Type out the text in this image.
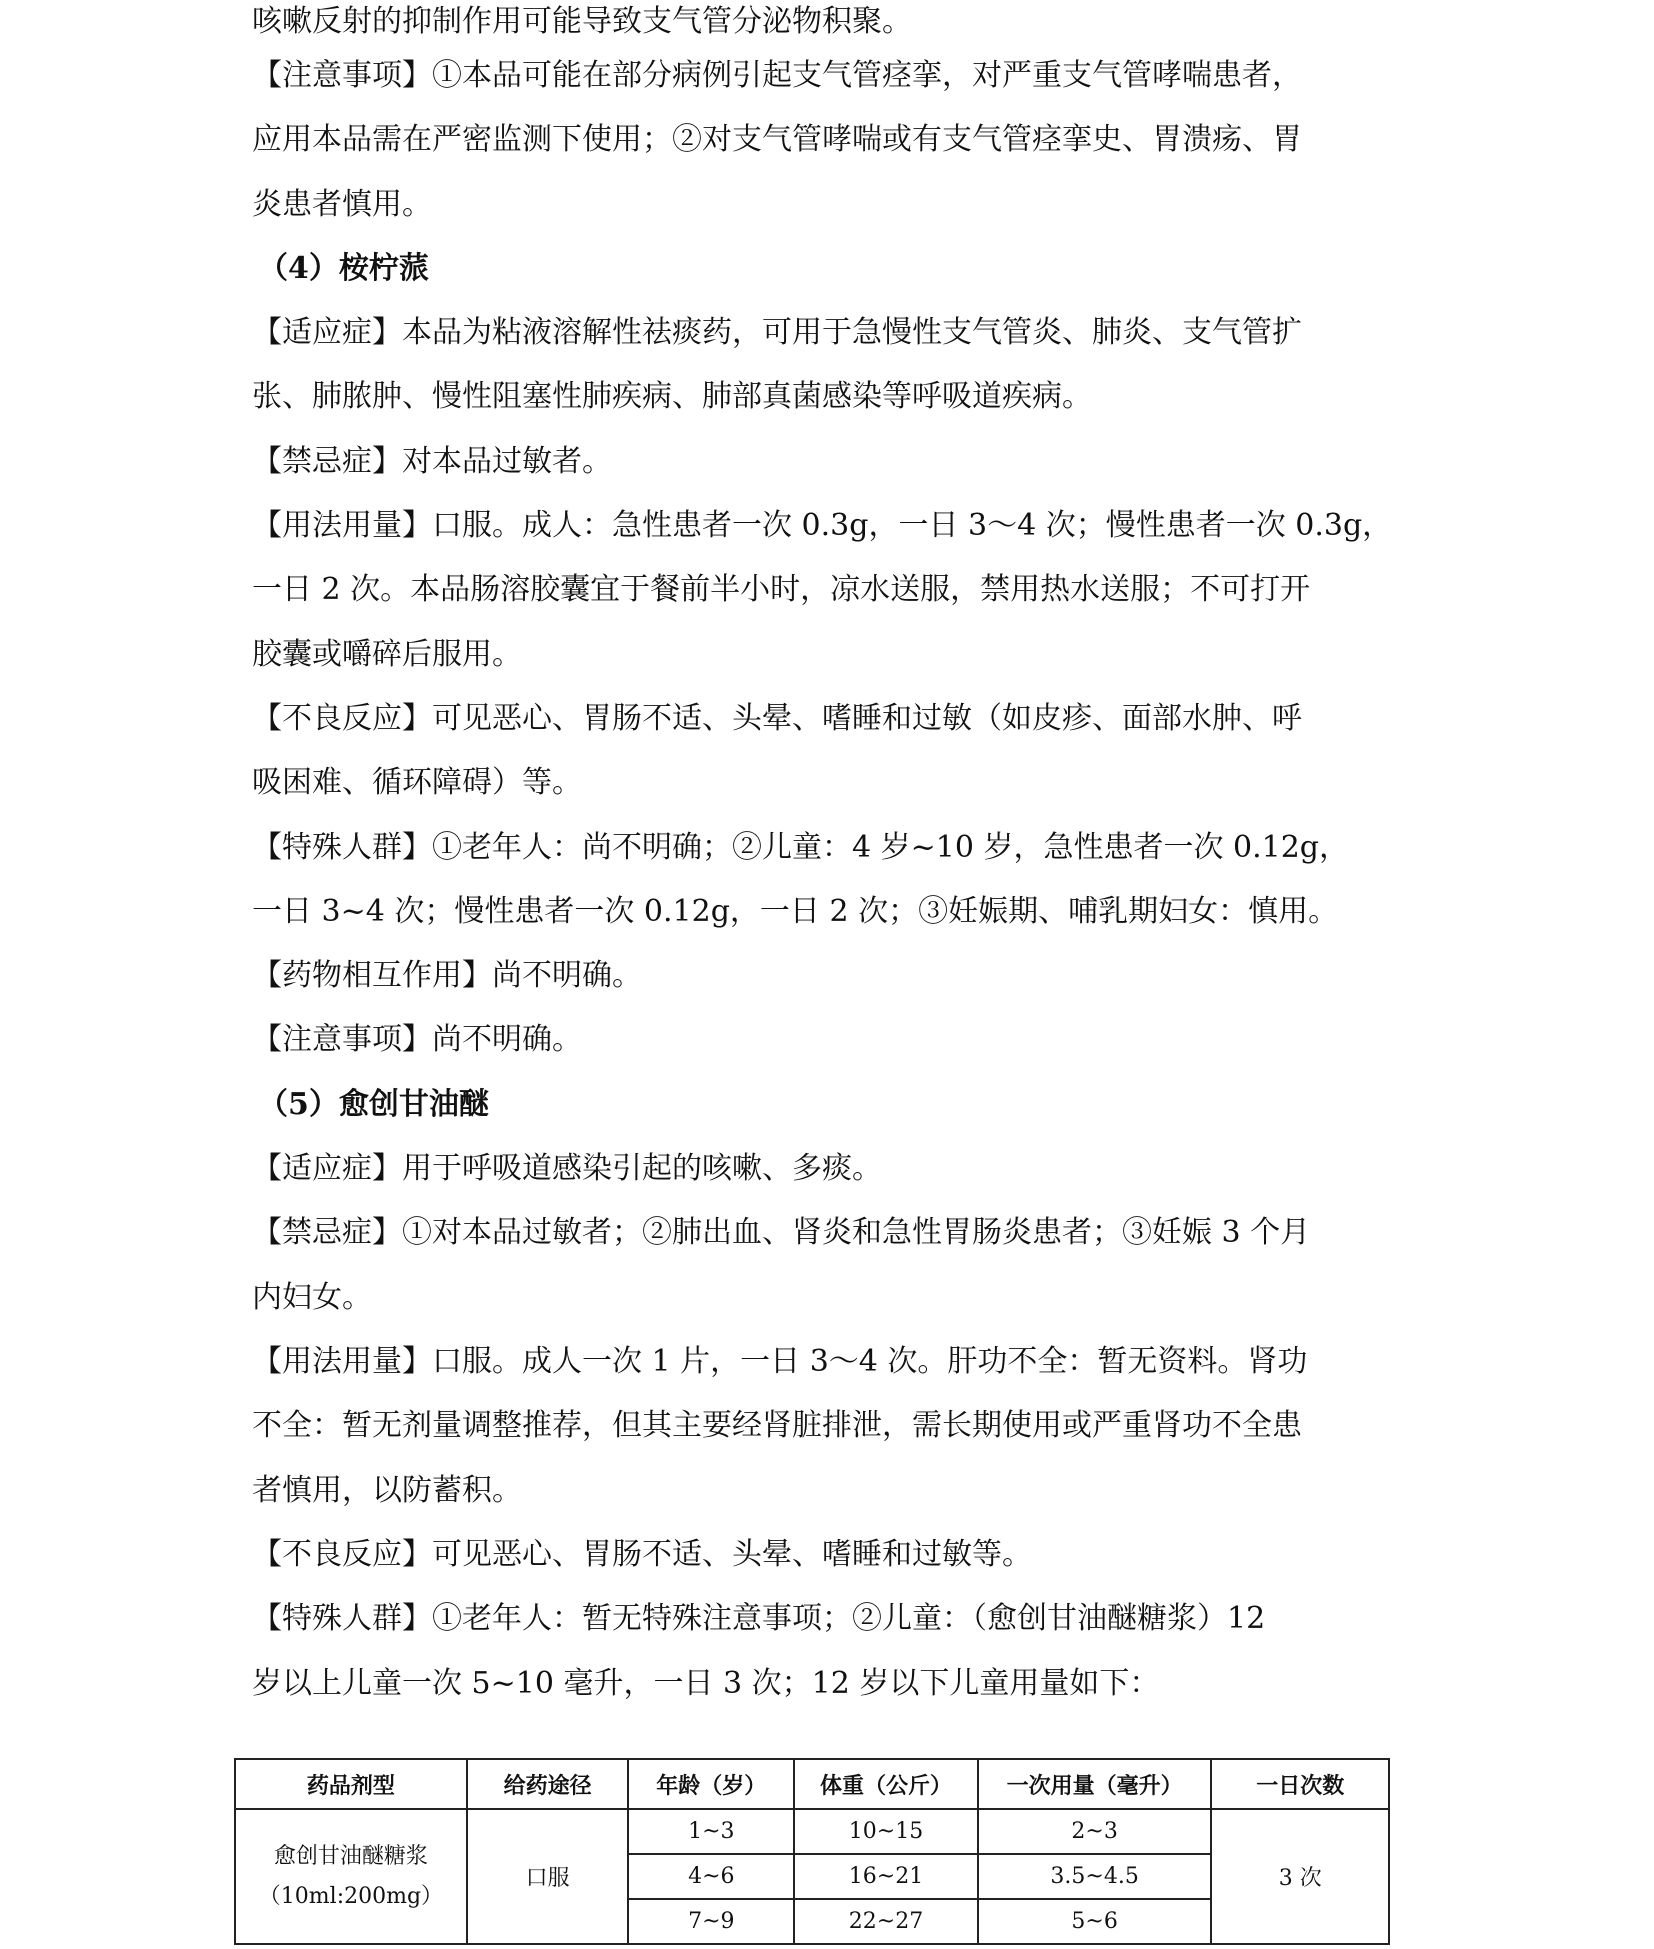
咳嗽反射的抑制作用可能导致支气管分泌物积聚。
【注意事项】①本品可能在部分病例引起支气管痉挛，对严重支气管哮喘患者，
应用本品需在严密监测下使用；②对支气管哮喘或有支气管痉挛史、胃溃疡、胃
炎患者慎用。
（4）桉柠蒎
【适应症】本品为粘液溶解性祛痰药，可用于急慢性支气管炎、肺炎、支气管扩
张、肺脓肿、慢性阻塞性肺疾病、肺部真菌感染等呼吸道疾病。
【禁忌症】对本品过敏者。
【用法用量】口服。成人：急性患者一次 0.3g，一日 3～4 次；慢性患者一次 0.3g，
一日 2 次。本品肠溶胶囊宜于餐前半小时，凉水送服，禁用热水送服；不可打开
胶囊或嚼碎后服用。
【不良反应】可见恶心、胃肠不适、头晕、嗜睡和过敏（如皮疹、面部水肿、呼
吸困难、循环障碍）等。
【特殊人群】①老年人：尚不明确；②儿童：4 岁~10 岁，急性患者一次 0.12g，
一日 3~4 次；慢性患者一次 0.12g，一日 2 次；③妊娠期、哺乳期妇女：慎用。
【药物相互作用】尚不明确。
【注意事项】尚不明确。
（5）愈创甘油醚
【适应症】用于呼吸道感染引起的咳嗽、多痰。
【禁忌症】①对本品过敏者；②肺出血、肾炎和急性胃肠炎患者；③妊娠 3 个月
内妇女。
【用法用量】口服。成人一次 1 片，一日 3～4 次。肝功不全：暂无资料。肾功
不全：暂无剂量调整推荐，但其主要经肾脏排泄，需长期使用或严重肾功不全患
者慎用，以防蓄积。
【不良反应】可见恶心、胃肠不适、头晕、嗜睡和过敏等。
【特殊人群】①老年人：暂无特殊注意事项；②儿童：（愈创甘油醚糖浆）12
岁以上儿童一次 5~10 毫升，一日 3 次；12 岁以下儿童用量如下：
药品剂型	给药途径	年龄（岁）	体重（公斤）	一次用量（毫升）	一日次数

愈创甘油醚糖浆
（10ml:200mg）	口服	1~3	10~15	2~3	3 次
		4~6	16~21	3.5~4.5	
		7~9	22~27	5~6	
